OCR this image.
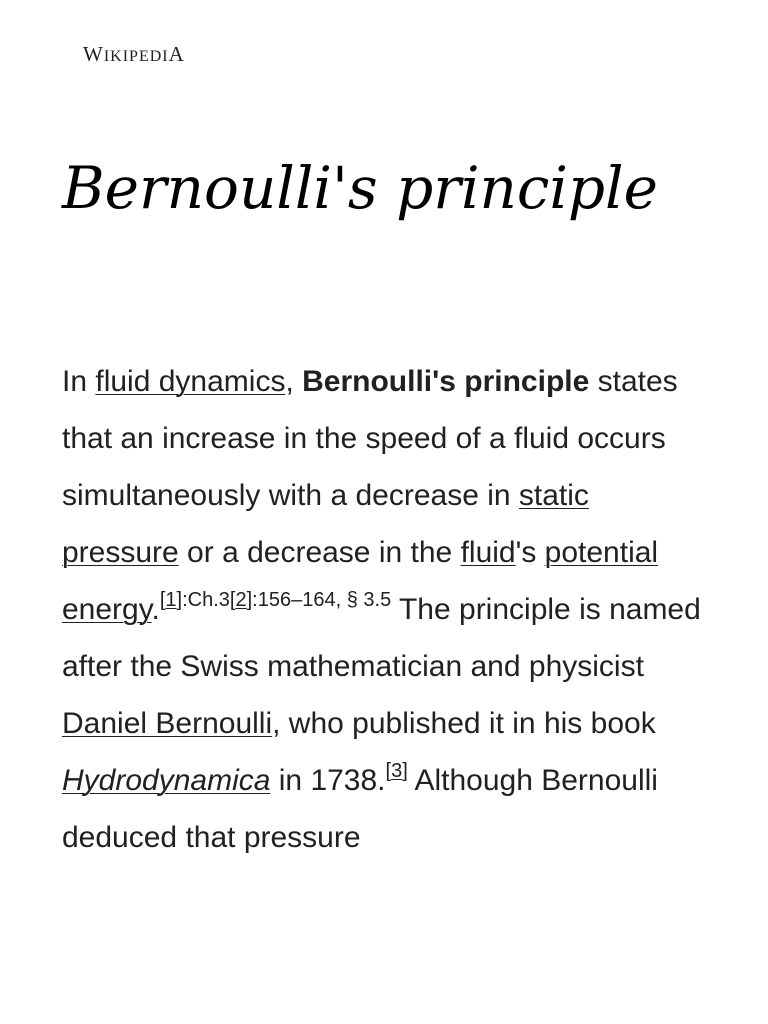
WIKIPEDIA
Bernoulli's principle

In fluid dynamics, Bernoulli's principle states that an increase in the speed of a fluid occurs simultaneously with a decrease in static pressure or a decrease in the fluid's potential energy.$^{[1]:Ch.3[2]:156-164, \S 3.5}$ The principle is named after the Swiss mathematician and physicist Daniel Bernoulli, who published it in his book Hydrodynamica in 1738.[3] Although Bernoulli deduced that pressure
